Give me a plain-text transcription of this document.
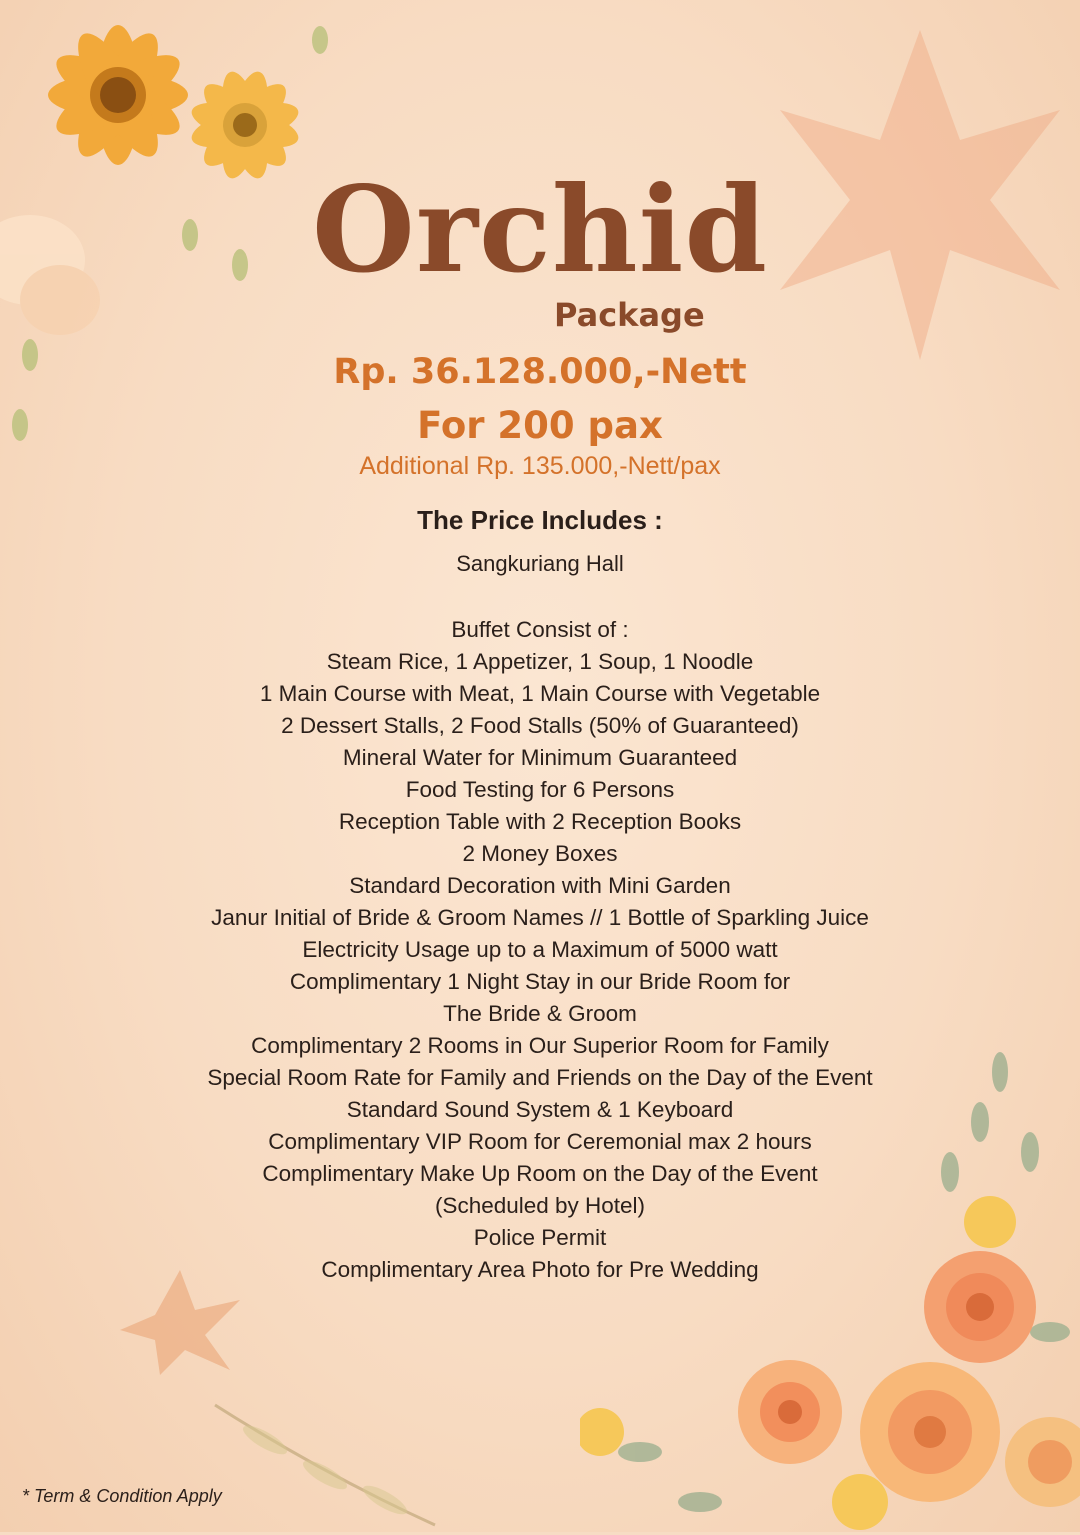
Orchid
Package
Rp. 36.128.000,-Nett
For 200 pax
Additional Rp. 135.000,-Nett/pax
The Price Includes :
Sangkuriang Hall
Buffet Consist of :
Steam Rice, 1 Appetizer, 1 Soup, 1 Noodle
1 Main Course with Meat, 1 Main Course with Vegetable
2 Dessert Stalls, 2 Food Stalls (50% of Guaranteed)
Mineral Water for Minimum Guaranteed
Food Testing for 6 Persons
Reception Table with 2 Reception Books
2 Money Boxes
Standard Decoration with Mini Garden
Janur Initial of Bride & Groom Names // 1 Bottle of Sparkling Juice
Electricity Usage up to a Maximum of 5000 watt
Complimentary 1 Night Stay in our Bride Room for
The Bride & Groom
Complimentary 2 Rooms in Our Superior Room for Family
Special Room Rate for Family and Friends on the Day of the Event
Standard Sound System & 1 Keyboard
Complimentary VIP Room for Ceremonial max 2 hours
Complimentary Make Up Room on the Day of the Event
(Scheduled by Hotel)
Police Permit
Complimentary Area Photo for Pre Wedding
* Term & Condition Apply
